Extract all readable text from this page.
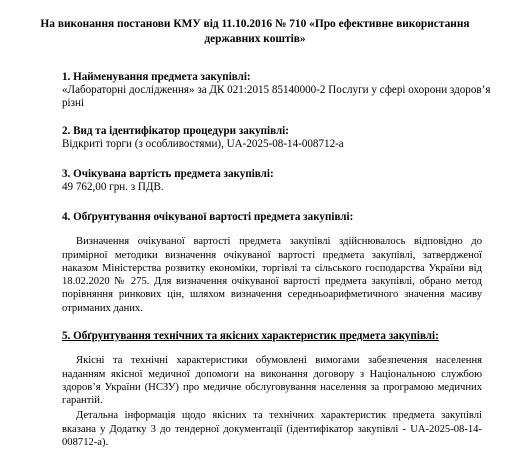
На виконання постанови КМУ від 11.10.2016 № 710 «Про ефективне використання
державних коштів»
1. Найменування предмета закупівлі:
«Лабораторні дослідження» за ДК 021:2015 85140000-2 Послуги у сфері охорони здоров’я
різні
2. Вид та ідентифікатор процедури закупівлі:
Відкриті торги (з особливостями), UA-2025-08-14-008712-a
3. Очікувана вартість предмета закупівлі:
49 762,00 грн. з ПДВ.
4. Обґрунтування очікуваної вартості предмета закупівлі:
Визначення очікуваної вартості предмета закупівлі здійснювалось відповідно до примірної методики визначення очікуваної вартості предмета закупівлі, затвердженої наказом Міністерства розвитку економіки, торгівлі та сільського господарства України від 18.02.2020 № 275. Для визначення очікуваної вартості предмета закупівлі, обрано метод порівняння ринкових цін, шляхом визначення середньоарифметичного значення масиву отриманих даних.
5. Обґрунтування технічних та якісних характеристик предмета закупівлі:
Якісні та технічні характеристики обумовлені вимогами забезпечення населення наданням якісної медичної допомоги на виконання договору з Національною службою здоров’я України (НСЗУ) про медичне обслуговування населення за програмою медичних гарантій.
Детальна інформація щодо якісних та технічних характеристик предмета закупівлі вказана у Додатку 3 до тендерної документації (ідентифікатор закупівлі - UA-2025-08-14-008712-a).
